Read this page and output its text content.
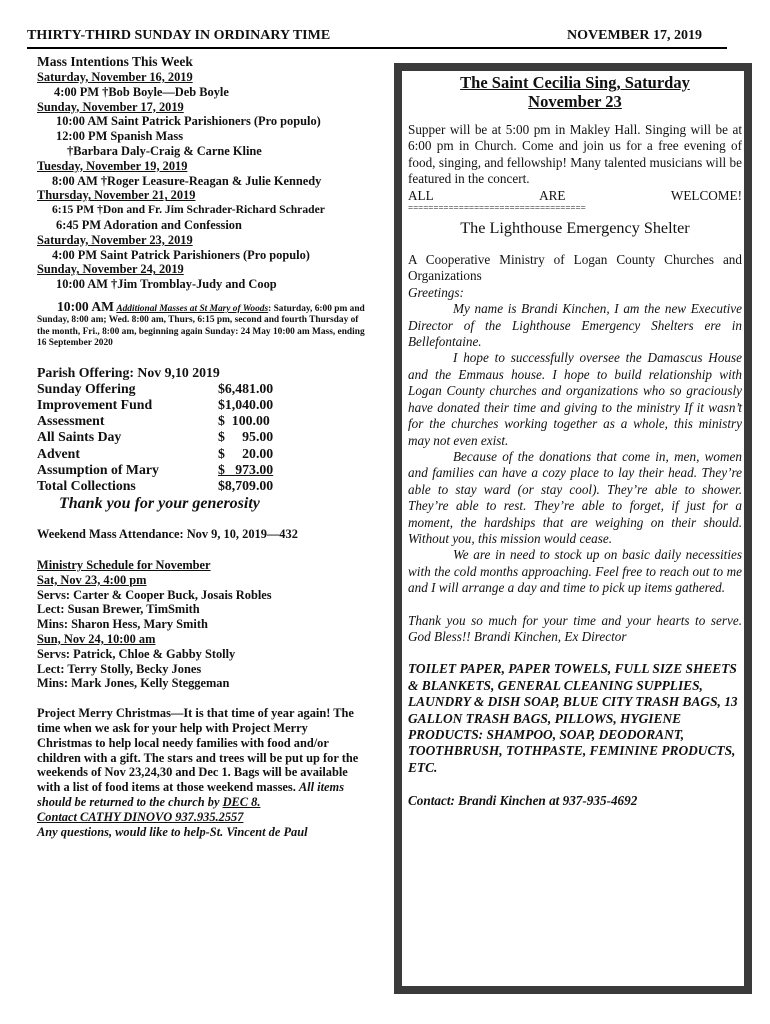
THIRTY-THIRD SUNDAY IN ORDINARY TIME	NOVEMBER 17, 2019
Mass Intentions This Week
Saturday, November 16, 2019
4:00 PM †Bob Boyle—Deb Boyle
Sunday, November 17, 2019
10:00 AM Saint Patrick Parishioners (Pro populo)
12:00 PM Spanish Mass
†Barbara Daly-Craig & Carne Kline
Tuesday, November 19, 2019
8:00 AM †Roger Leasure-Reagan & Julie Kennedy
Thursday, November 21, 2019
6:15 PM †Don and Fr. Jim Schrader-Richard Schrader
6:45 PM Adoration and Confession
Saturday, November 23, 2019
4:00 PM Saint Patrick Parishioners (Pro populo)
Sunday, November 24, 2019
10:00 AM †Jim Tromblay-Judy and Coop
10:00 AM Additional Masses at St Mary of Woods: Saturday, 6:00 pm and Sunday, 8:00 am; Wed. 8:00 am, Thurs, 6:15 pm, second and fourth Thursday of the month, Fri., 8:00 am, beginning again Sunday: 24 May 10:00 am Mass, ending 16 September 2020
Parish Offering: Nov 9,10 2019
Sunday Offering	$6,481.00
Improvement Fund	$1,040.00
Assessment	$  100.00
All Saints Day	$     95.00
Advent	$     20.00
Assumption of Mary	$   973.00
Total Collections	$8,709.00
Thank you for your generosity
Weekend Mass Attendance: Nov 9, 10, 2019—432
Ministry Schedule for November
Sat, Nov 23, 4:00 pm
Servs: Carter & Cooper Buck, Josais Robles
Lect: Susan Brewer, TimSmith
Mins: Sharon Hess, Mary Smith
Sun, Nov 24, 10:00 am
Servs: Patrick, Chloe & Gabby Stolly
Lect: Terry Stolly, Becky Jones
Mins: Mark Jones, Kelly Steggeman
Project Merry Christmas—It is that time of year again! The time when we ask for your help with Project Merry Christmas to help local needy families with food and/or children with a gift. The stars and trees will be put up for the weekends of Nov 23,24,30 and Dec 1. Bags will be available with a list of food items at those weekend masses. All items should be returned to the church by DEC 8.
Contact CATHY DINOVO 937.935.2557
Any questions, would like to help-St. Vincent de Paul
The Saint Cecilia Sing, Saturday
November 23
Supper will be at 5:00 pm in Makley Hall. Singing will be at 6:00 pm in Church. Come and join us for a free evening of food, singing, and fellowship! Many talented musicians will be featured in the concert.
ALL	ARE	WELCOME!
===================================
The Lighthouse Emergency Shelter
A Cooperative Ministry of Logan County Churches and Organizations
Greetings:
My name is Brandi Kinchen, I am the new Executive Director of the Lighthouse Emergency Shelters ere in Bellefontaine.
I hope to successfully oversee the Damascus House and the Emmaus house. I hope to build relationship with Logan County churches and organizations who so graciously have donated their time and giving to the ministry If it wasn’t for the churches working together as a whole, this ministry may not even exist.
Because of the donations that come in, men, women and families can have a cozy place to lay their head. They’re able to stay ward (or stay cool). They’re able to shower. They’re able to rest. They’re able to forget, if just for a moment, the hardships that are weighing on their should. Without you, this mission would cease.
We are in need to stock up on basic daily necessities with the cold months approaching. Feel free to reach out to me and I will arrange a day and time to pick up items gathered.
Thank you so much for your time and your hearts to serve. God Bless!! Brandi Kinchen, Ex Director
TOILET PAPER, PAPER TOWELS, FULL SIZE SHEETS & BLANKETS, GENERAL CLEANING SUPPLIES, LAUNDRY & DISH SOAP, BLUE CITY TRASH BAGS, 13 GALLON TRASH BAGS, PILLOWS, HYGIENE PRODUCTS: SHAMPOO, SOAP, DEODORANT, TOOTHBRUSH, TOTHPASTE, FEMININE PRODUCTS, ETC.
Contact: Brandi Kinchen at 937-935-4692
